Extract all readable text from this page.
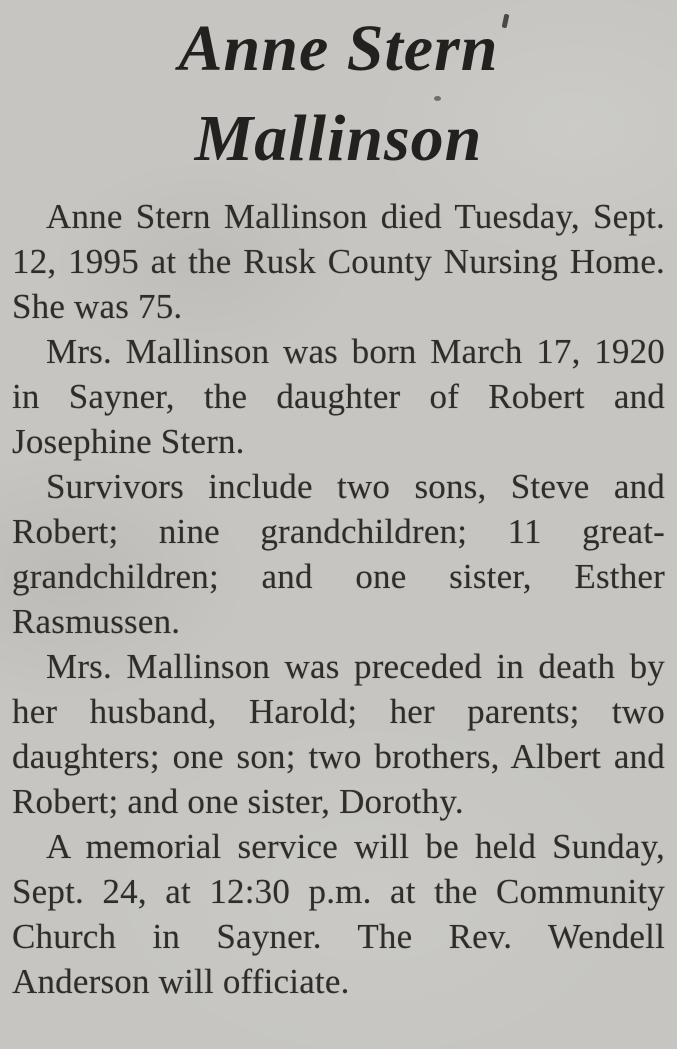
Anne Stern
Mallinson

Anne Stern Mallinson died Tuesday, Sept. 12, 1995 at the Rusk County Nursing Home. She was 75.

Mrs. Mallinson was born March 17, 1920 in Sayner, the daughter of Robert and Josephine Stern.

Survivors include two sons, Steve and Robert; nine grandchildren; 11 great-grandchildren; and one sister, Esther Rasmussen.

Mrs. Mallinson was preceded in death by her husband, Harold; her parents; two daughters; one son; two brothers, Albert and Robert; and one sister, Dorothy.

A memorial service will be held Sunday, Sept. 24, at 12:30 p.m. at the Community Church in Sayner. The Rev. Wendell Anderson will officiate.
